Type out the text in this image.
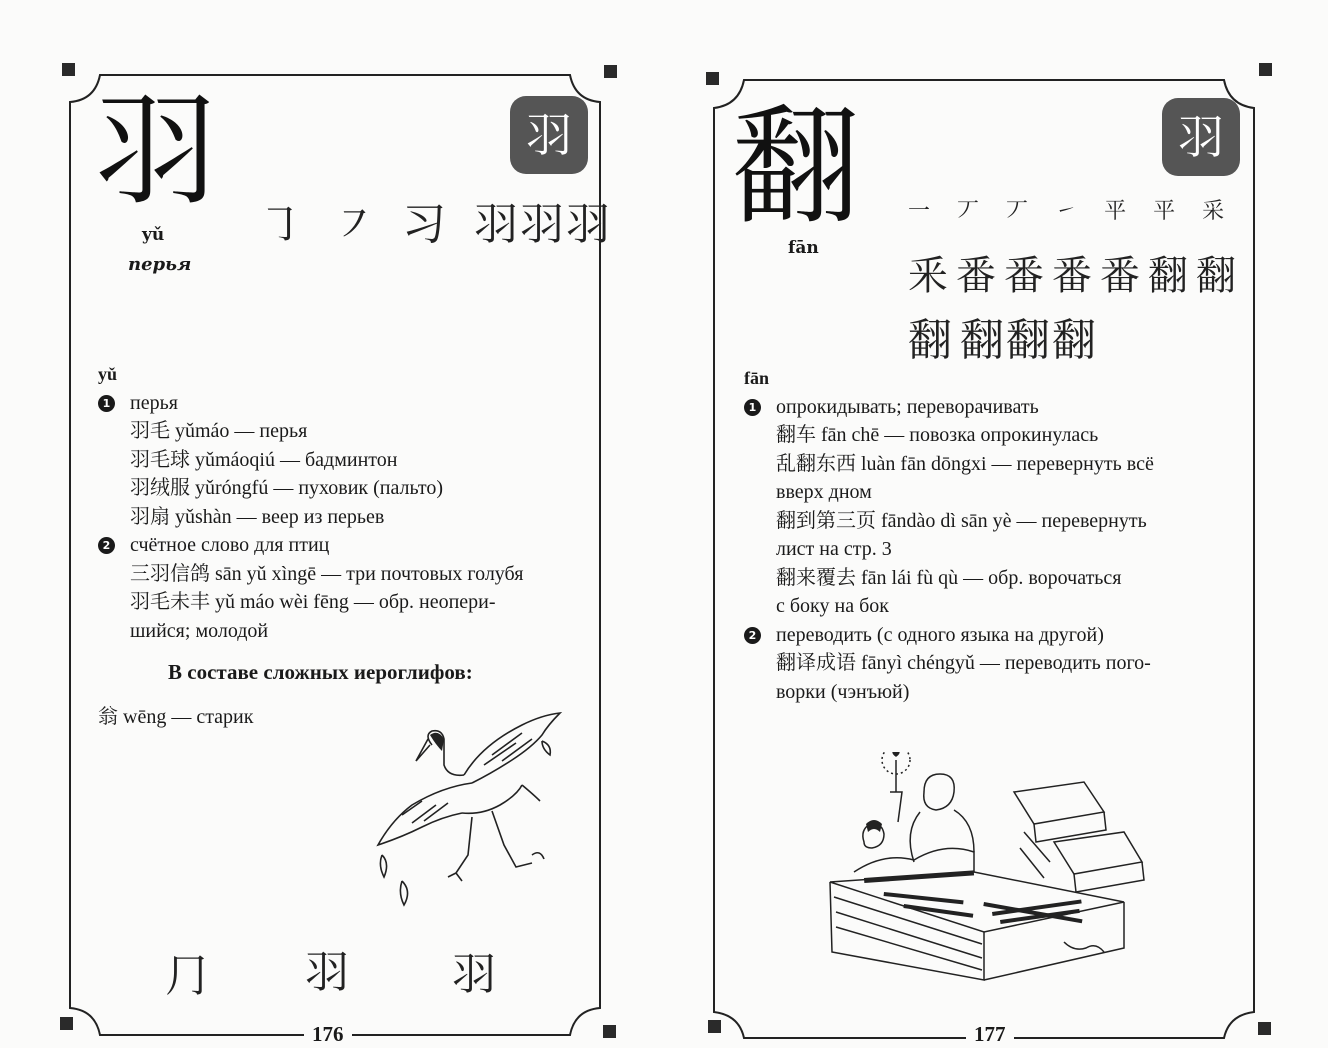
羽	羽
yǔ
перья
㇆ ㇇ 习 羽 羽 羽
yǔ
1 перья
羽毛 yǔmáo — перья
羽毛球 yǔmáoqiú — бадминтон
羽绒服 yǔróngfú — пуховик (пальто)
羽扇 yǔshàn — веер из перьев
2 счётное слово для птиц
三羽信鸽 sān yǔ xìngē — три почтовых голубя
羽毛未丰 yǔ máo wèi fēng — обр. неопери-
шийся; молодой
В составе сложных иероглифов:
翁 wēng — старик
⺆ 羽 羽
176
翻	羽
fān
一 丆 丆 ㇀ 平 平 采
釆 番 番 番 番 翻 翻
翻 翻 翻 翻
fān
1 опрокидывать; переворачивать
翻车 fān chē — повозка опрокинулась
乱翻东西 luàn fān dōngxi — перевернуть всё
вверх дном
翻到第三页 fāndào dì sān yè — перевернуть
лист на стр. 3
翻来覆去 fān lái fù qù — обр. ворочаться
с боку на бок
2 переводить (с одного языка на другой)
翻译成语 fānyì chéngyǔ — переводить пого-
ворки (чэнъюй)
177
